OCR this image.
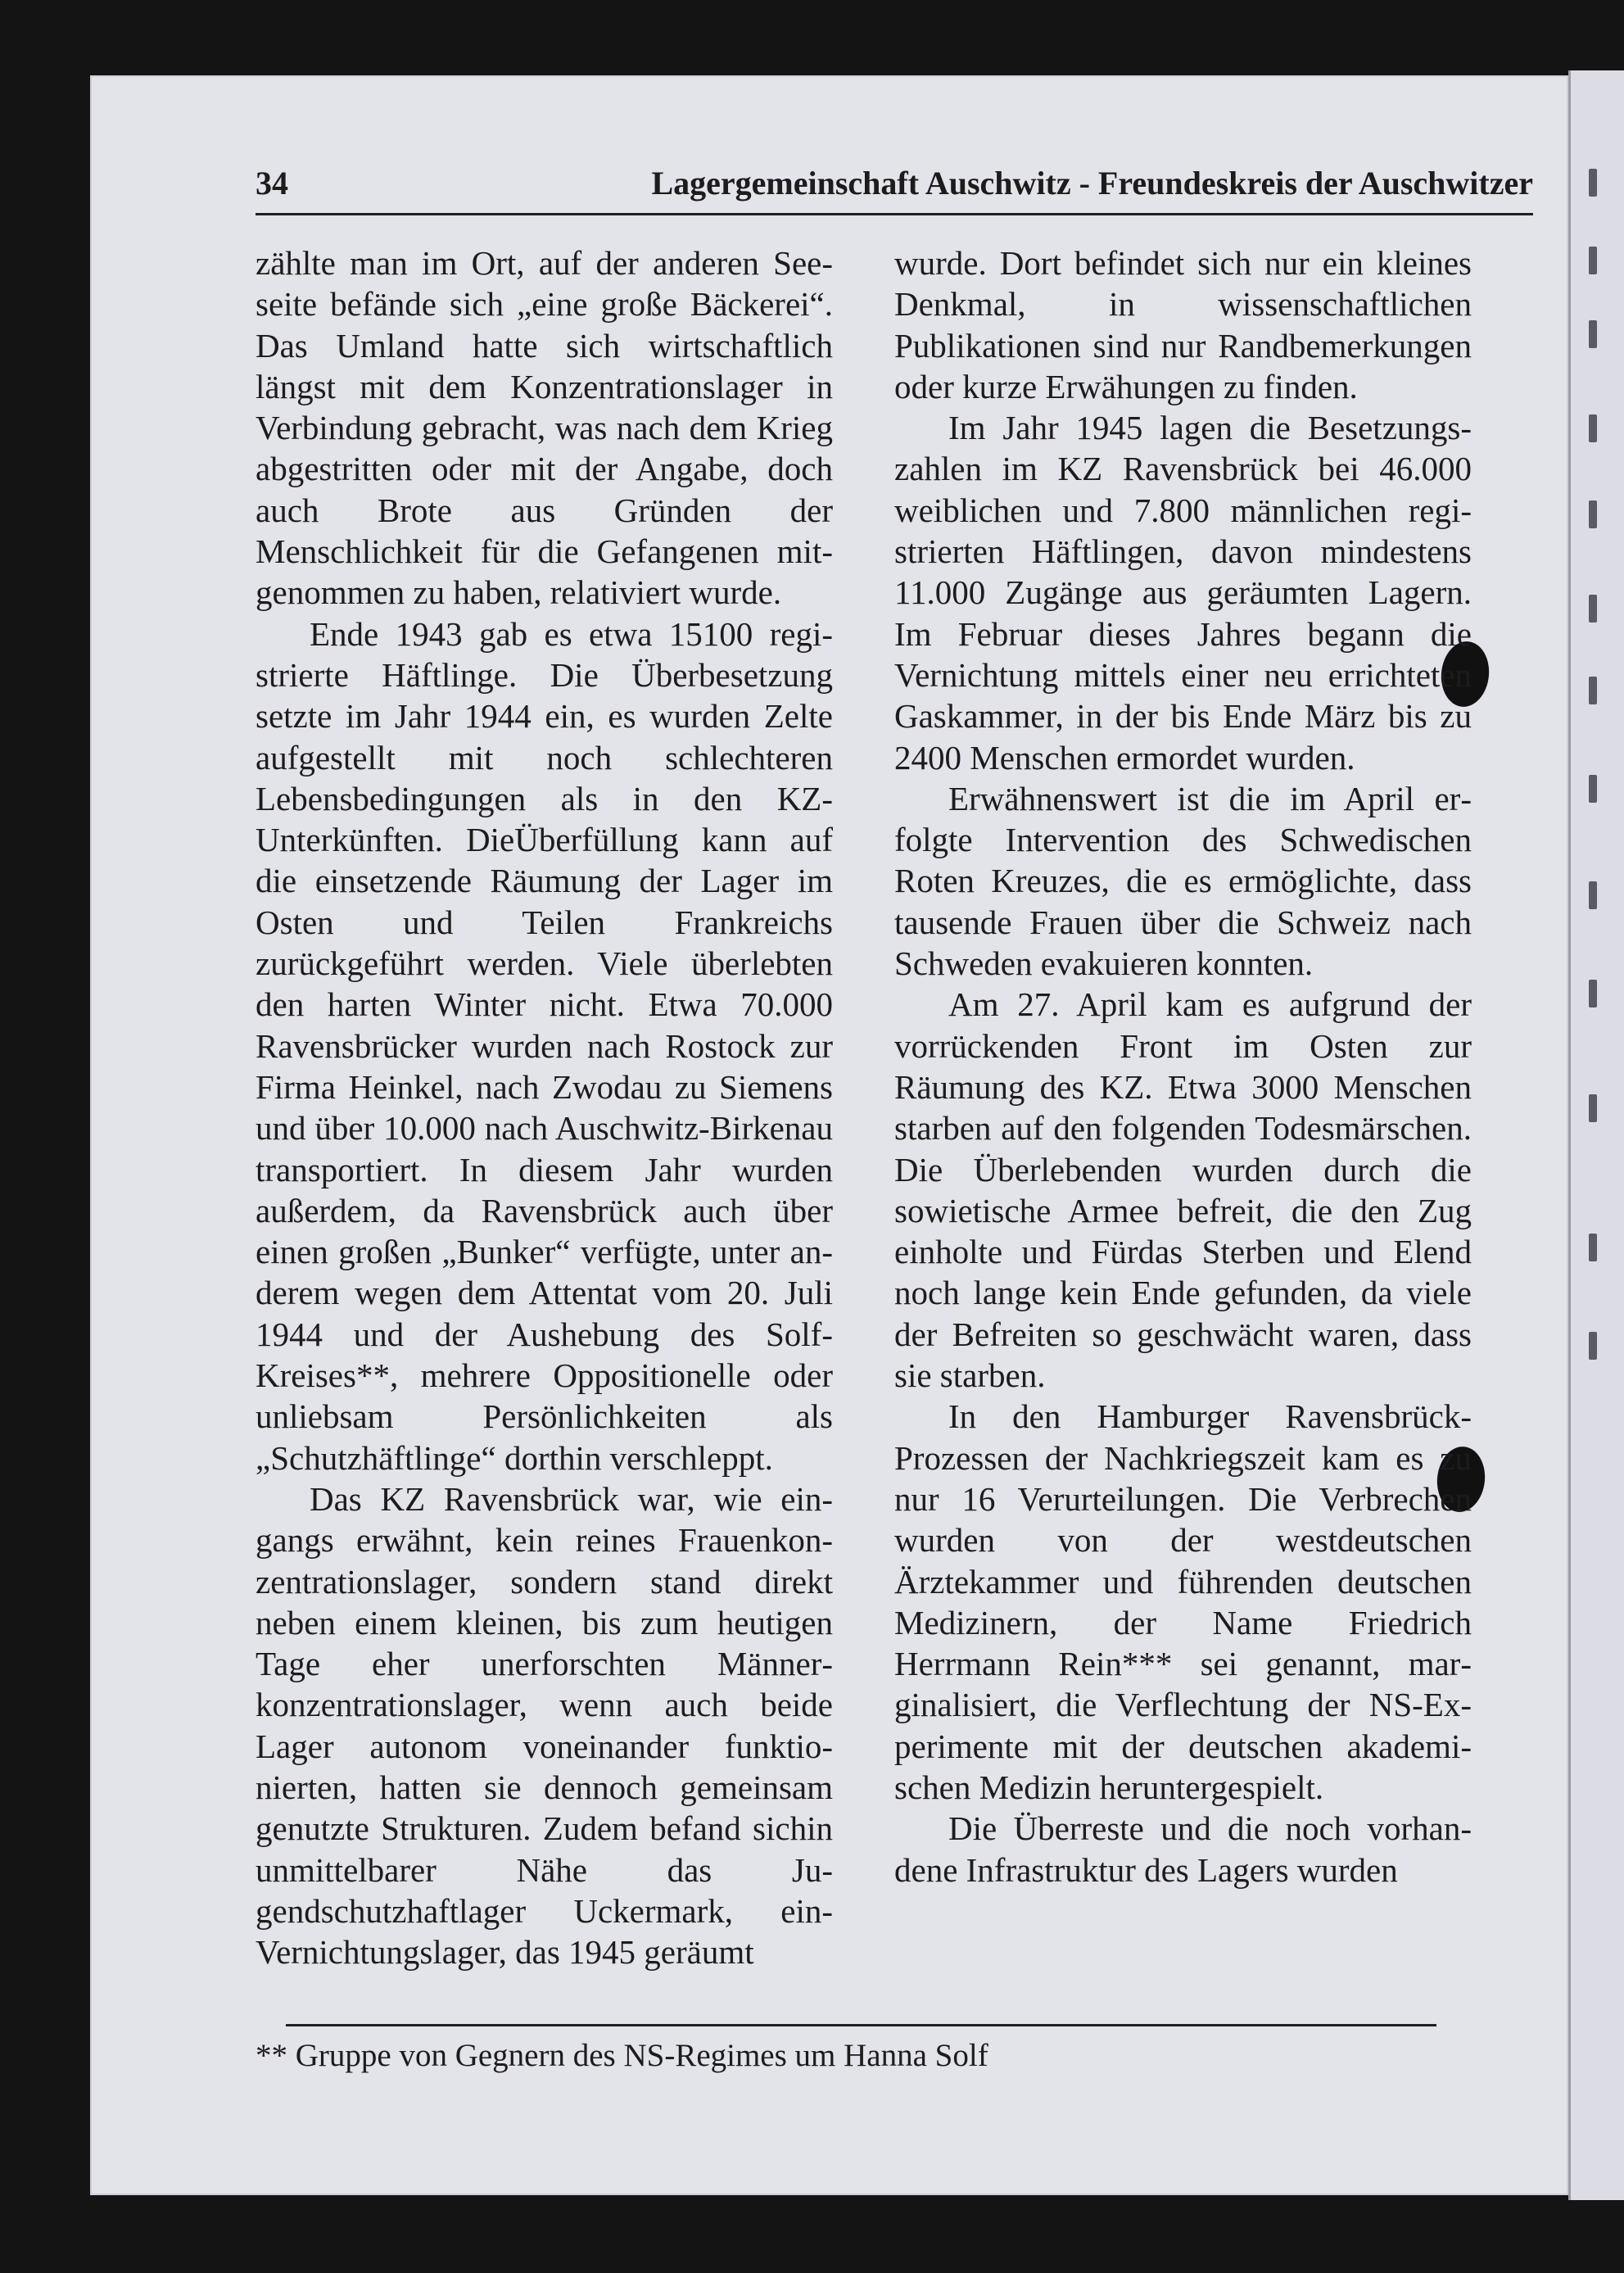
34	Lagergemeinschaft Auschwitz - Freundeskreis der Auschwitzer

zählte man im Ort, auf der anderen Seeseite befände sich „eine große Bäckerei“. Das Umland hatte sich wirtschaftlich längst mit dem Konzentrationslager in Verbindung gebracht, was nach dem Krieg abgestritten oder mit der Angabe, doch auch Brote aus Gründen der Menschlichkeit für die Gefangenen mitgenommen zu haben, relativiert wurde.

Ende 1943 gab es etwa 15100 registrierte Häftlinge. Die Überbesetzung setzte im Jahr 1944 ein, es wurden Zelte aufgestellt mit noch schlechteren Lebensbedingungen als in den KZ-Unterkünften. DieÜberfüllung kann auf die einsetzende Räumung der Lager im Osten und Teilen Frankreichs zurückgeführt werden. Viele überlebten den harten Winter nicht. Etwa 70.000 Ravensbrücker wurden nach Rostock zur Firma Heinkel, nach Zwodau zu Siemens und über 10.000 nach Auschwitz-Birkenau transportiert. In diesem Jahr wurden außerdem, da Ravensbrück auch über einen großen „Bunker“ verfügte, unter anderem wegen dem Attentat vom 20. Juli 1944 und der Aushebung des Solf-Kreises**, mehrere Oppositionelle oder unliebsam Persönlichkeiten als „Schutzhäftlinge“ dorthin verschleppt.

Das KZ Ravensbrück war, wie eingangs erwähnt, kein reines Frauenkonzentrationslager, sondern stand direkt neben einem kleinen, bis zum heutigen Tage eher unerforschten Männerkonzentrationslager, wenn auch beide Lager autonom voneinander funktionierten, hatten sie dennoch gemeinsam genutzte Strukturen. Zudem befand sichin unmittelbarer Nähe das Jugendschutzhaftlager Uckermark, einVernichtungslager, das 1945 geräumt

wurde. Dort befindet sich nur ein kleines Denkmal, in wissenschaftlichen Publikationen sind nur Randbemerkungen oder kurze Erwähungen zu finden.

Im Jahr 1945 lagen die Besetzungszahlen im KZ Ravensbrück bei 46.000 weiblichen und 7.800 männlichen registrierten Häftlingen, davon mindestens 11.000 Zugänge aus geräumten Lagern. Im Februar dieses Jahres begann die Vernichtung mittels einer neu errichteten Gaskammer, in der bis Ende März bis zu 2400 Menschen ermordet wurden.

Erwähnenswert ist die im April erfolgte Intervention des Schwedischen Roten Kreuzes, die es ermöglichte, dass tausende Frauen über die Schweiz nach Schweden evakuieren konnten.

Am 27. April kam es aufgrund der vorrückenden Front im Osten zur Räumung des KZ. Etwa 3000 Menschen starben auf den folgenden Todesmärschen. Die Überlebenden wurden durch die sowietische Armee befreit, die den Zug einholte und Fürdas Sterben und Elend noch lange kein Ende gefunden, da viele der Befreiten so geschwächt waren, dass sie starben.

In den Hamburger Ravensbrück-Prozessen der Nachkriegszeit kam es zu nur 16 Verurteilungen. Die Verbrechen wurden von der westdeutschen Ärztekammer und führenden deutschen Medizinern, der Name Friedrich Herrmann Rein*** sei genannt, marginalisiert, die Verflechtung der NS-Experimente mit der deutschen akademischen Medizin heruntergespielt.

Die Überreste und die noch vorhandene Infrastruktur des Lagers wurden

** Gruppe von Gegnern des NS-Regimes um Hanna Solf
